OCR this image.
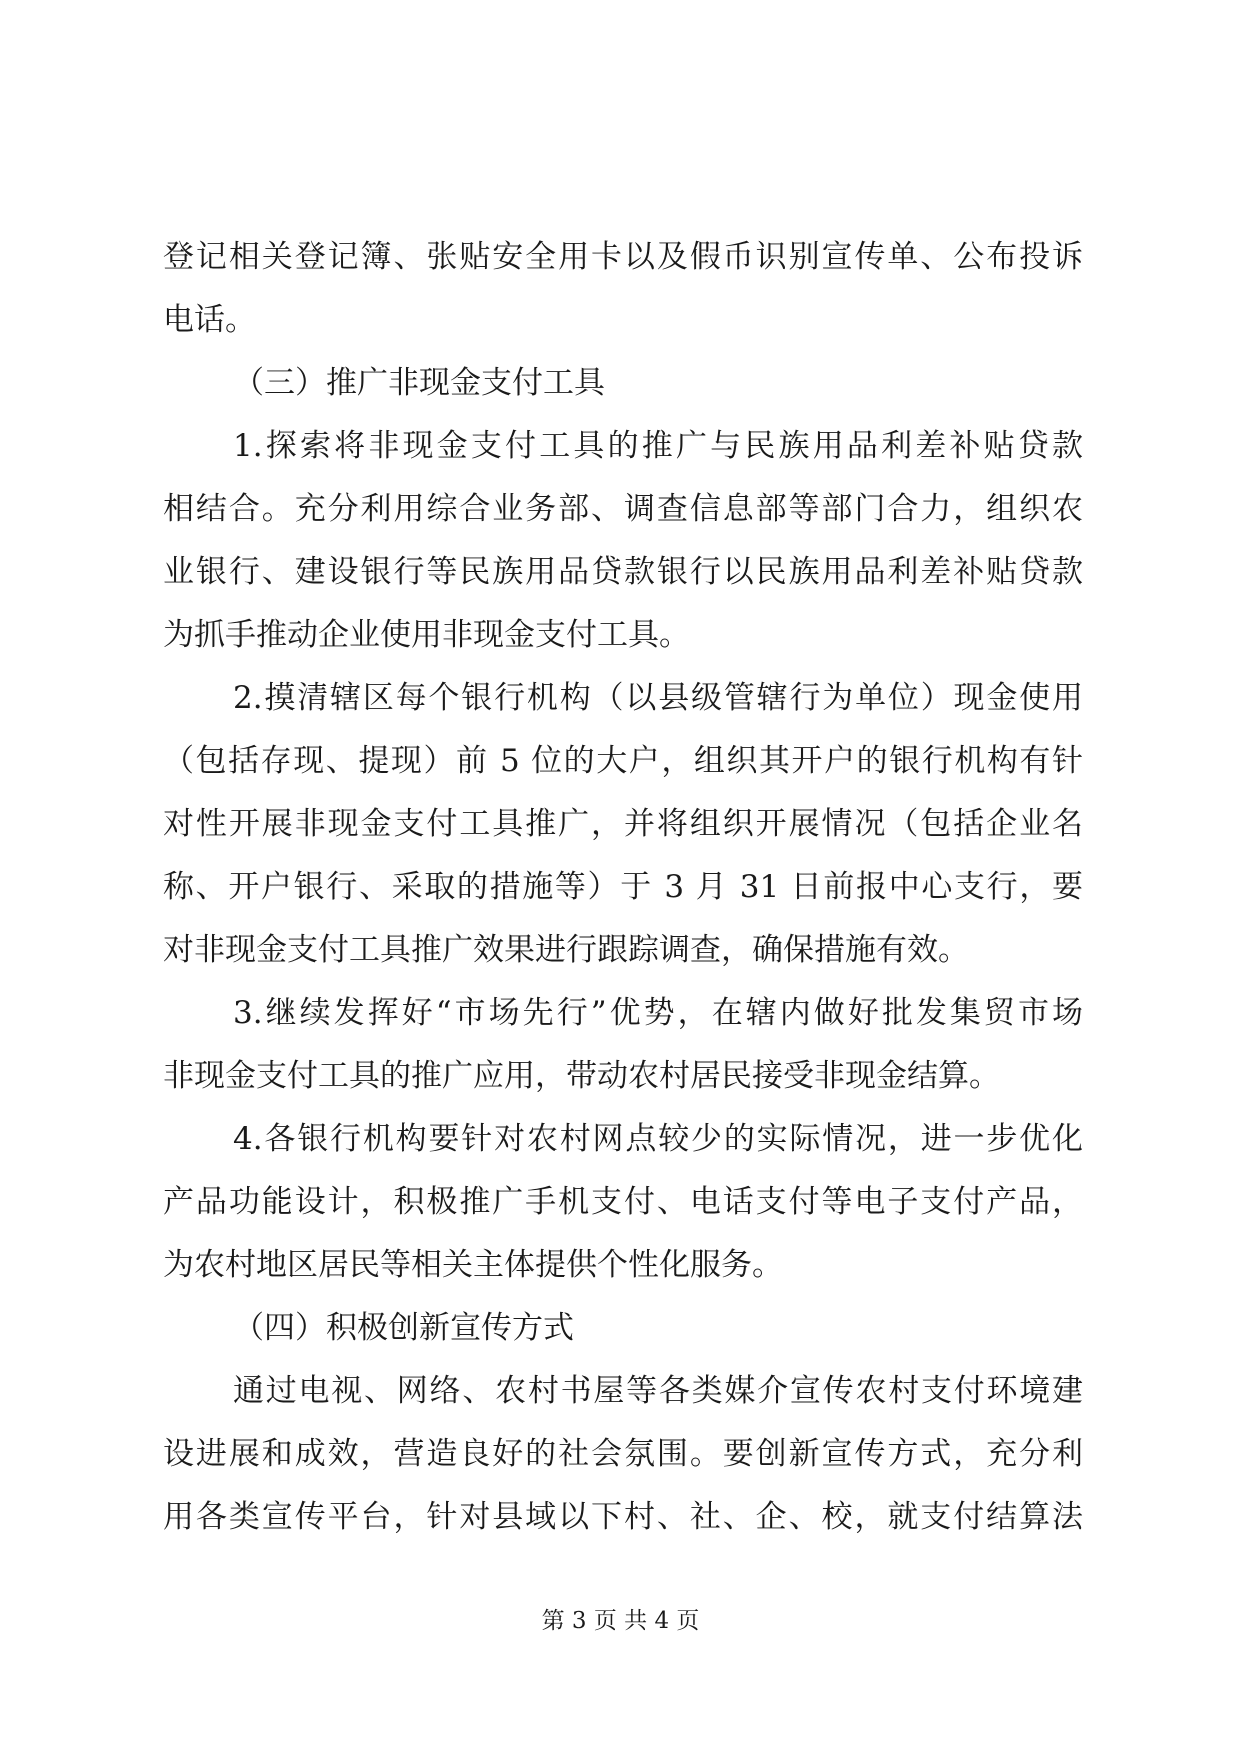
登记相关登记簿、张贴安全用卡以及假币识别宣传单、公布投诉
电话。
（三）推广非现金支付工具
1.探索将非现金支付工具的推广与民族用品利差补贴贷款
相结合。充分利用综合业务部、调查信息部等部门合力，组织农
业银行、建设银行等民族用品贷款银行以民族用品利差补贴贷款
为抓手推动企业使用非现金支付工具。
2.摸清辖区每个银行机构（以县级管辖行为单位）现金使用
（包括存现、提现）前 5 位的大户，组织其开户的银行机构有针
对性开展非现金支付工具推广，并将组织开展情况（包括企业名
称、开户银行、采取的措施等）于 3 月 31 日前报中心支行，要
对非现金支付工具推广效果进行跟踪调查，确保措施有效。
3.继续发挥好“市场先行”优势，在辖内做好批发集贸市场
非现金支付工具的推广应用，带动农村居民接受非现金结算。
4.各银行机构要针对农村网点较少的实际情况，进一步优化
产品功能设计，积极推广手机支付、电话支付等电子支付产品，
为农村地区居民等相关主体提供个性化服务。
（四）积极创新宣传方式
通过电视、网络、农村书屋等各类媒介宣传农村支付环境建
设进展和成效，营造良好的社会氛围。要创新宣传方式，充分利
用各类宣传平台，针对县域以下村、社、企、校，就支付结算法
第 3 页 共 4 页
